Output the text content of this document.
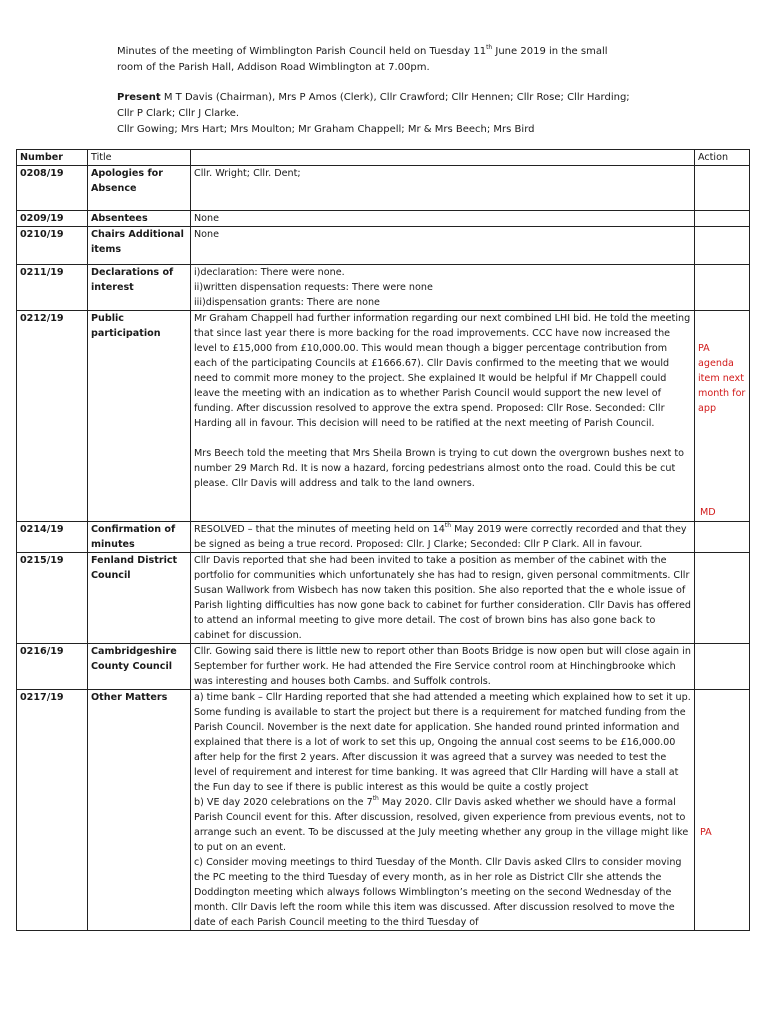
Minutes of the meeting of Wimblington Parish Council held on Tuesday 11th June 2019 in the small

room of the Parish Hall, Addison Road Wimblington at 7.00pm.

Present M T Davis (Chairman), Mrs P Amos (Clerk), Cllr Crawford; Cllr Hennen; Cllr Rose; Cllr Harding;

Cllr P Clark; Cllr J Clarke.

Cllr Gowing; Mrs Hart; Mrs Moulton; Mr Graham Chappell; Mr & Mrs Beech; Mrs Bird

Number	Title		Action
0208/19	Apologies for Absence	Cllr. Wright; Cllr. Dent;	
0209/19	Absentees	None	
0210/19	Chairs Additional items	None	
0211/19	Declarations of interest	i)declaration: There were none.
ii)written dispensation requests: There were none
iii)dispensation grants: There are none	

0212/19	Public participation	Mr Graham Chappell had further information regarding our next combined LHI bid. He told the meeting that since last year there is more backing for the road improvements. CCC have now increased the level to £15,000 from £10,000.00. This would mean though a bigger percentage contribution from each of the participating Councils at £1666.67). Cllr Davis confirmed to the meeting that we would need to commit more money to the project. She explained It would be helpful if Mr Chappell could leave the meeting with an indication as to whether Parish Council would support the new level of funding. After discussion resolved to approve the extra spend. Proposed: Cllr Rose. Seconded: Cllr Harding all in favour. This decision will need to be ratified at the next meeting of Parish Council.
Mrs Beech told the meeting that Mrs Sheila Brown is trying to cut down the overgrown bushes next to number 29 March Rd. It is now a hazard, forcing pedestrians almost onto the road. Could this be cut please. Cllr Davis will address and talk to the land owners.	PA agenda item next month for app
MD

0214/19	Confirmation of minutes	RESOLVED – that the minutes of meeting held on 14th May 2019 were correctly recorded and that they be signed as being a true record. Proposed: Cllr. J Clarke; Seconded: Cllr P Clark. All in favour.	
0215/19	Fenland District Council	Cllr Davis reported that she had been invited to take a position as member of the cabinet with the portfolio for communities which unfortunately she has had to resign, given personal commitments. Cllr Susan Wallwork from Wisbech has now taken this position. She also reported that the e whole issue of Parish lighting difficulties has now gone back to cabinet for further consideration. Cllr Davis has offered to attend an informal meeting to give more detail. The cost of brown bins has also gone back to cabinet for discussion.	
0216/19	Cambridgeshire County Council	Cllr. Gowing said there is little new to report other than Boots Bridge is now open but will close again in September for further work. He had attended the Fire Service control room at Hinchingbrooke which was interesting and houses both Cambs. and Suffolk controls.	
0217/19	Other Matters	a) time bank – Cllr Harding reported that she had attended a meeting which explained how to set it up. Some funding is available to start the project but there is a requirement for matched funding from the Parish Council. November is the next date for application. She handed round printed information and explained that there is a lot of work to set this up, Ongoing the annual cost seems to be £16,000.00 after help for the first 2 years. After discussion it was agreed that a survey was needed to test the level of requirement and interest for time banking. It was agreed that Cllr Harding will have a stall at the Fun day to see if there is public interest as this would be quite a costly project
b) VE day 2020 celebrations on the 7th May 2020. Cllr Davis asked whether we should have a formal Parish Council event for this. After discussion, resolved, given experience from previous events, not to arrange such an event. To be discussed at the July meeting whether any group in the village might like to put on an event.
c) Consider moving meetings to third Tuesday of the Month. Cllr Davis asked Cllrs to consider moving the PC meeting to the third Tuesday of every month, as in her role as District Cllr she attends the Doddington meeting which always follows Wimblington’s meeting on the second Wednesday of the month. Cllr Davis left the room while this item was discussed. After discussion resolved to move the date of each Parish Council meeting to the third Tuesday of	PA
